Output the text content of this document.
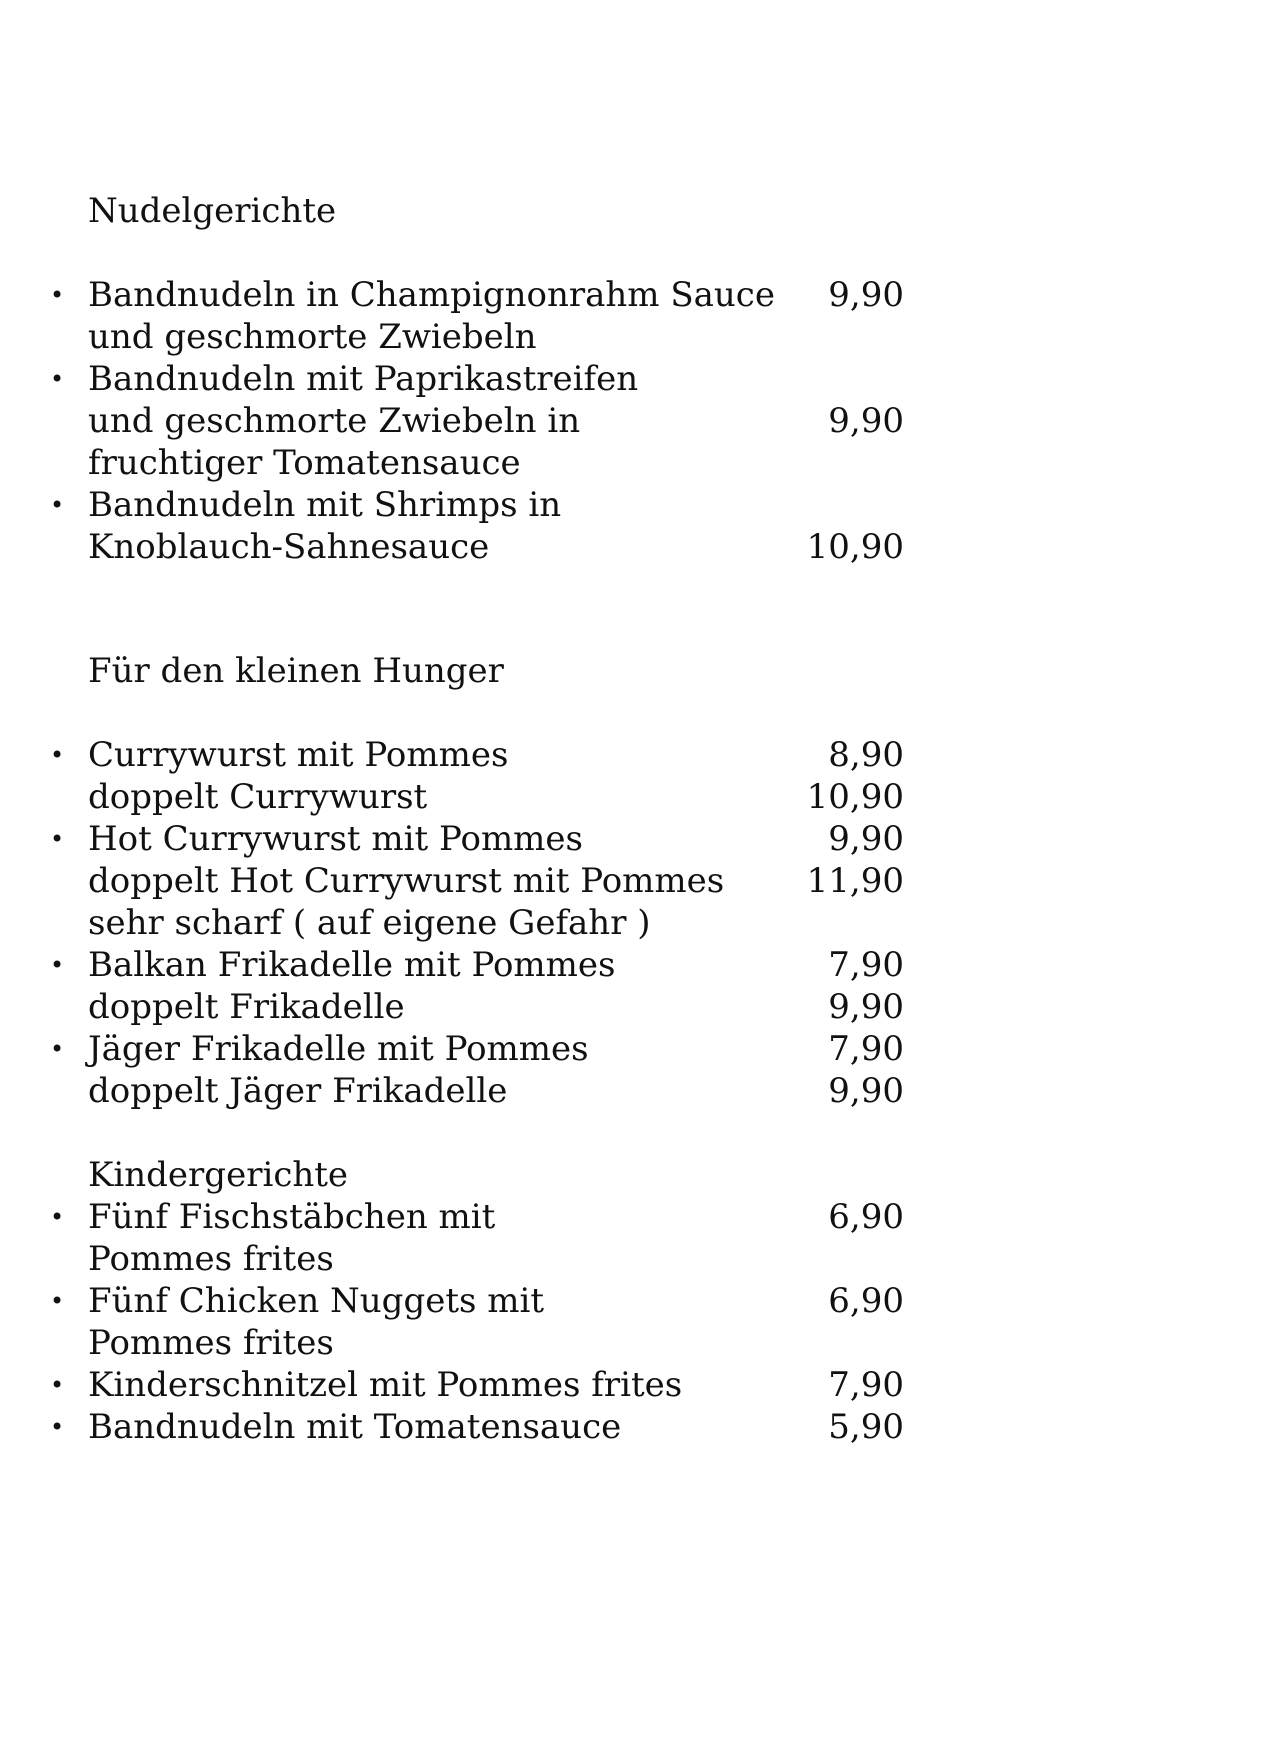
Nudelgerichte
• Bandnudeln in Champignonrahm Sauce	9,90
und geschmorte Zwiebeln
• Bandnudeln mit Paprikastreifen
und geschmorte Zwiebeln in	9,90
fruchtiger Tomatensauce
• Bandnudeln mit Shrimps in
Knoblauch-Sahnesauce	10,90
Für den kleinen Hunger
• Currywurst mit Pommes	8,90
doppelt Currywurst	10,90
• Hot Currywurst mit Pommes	9,90
doppelt Hot Currywurst mit Pommes	11,90
sehr scharf ( auf eigene Gefahr )
• Balkan Frikadelle mit Pommes	7,90
doppelt Frikadelle	9,90
• Jäger Frikadelle mit Pommes	7,90
doppelt Jäger Frikadelle	9,90
Kindergerichte
• Fünf Fischstäbchen mit	6,90
Pommes frites
• Fünf Chicken Nuggets mit	6,90
Pommes frites
• Kinderschnitzel mit Pommes frites	7,90
• Bandnudeln mit Tomatensauce	5,90
